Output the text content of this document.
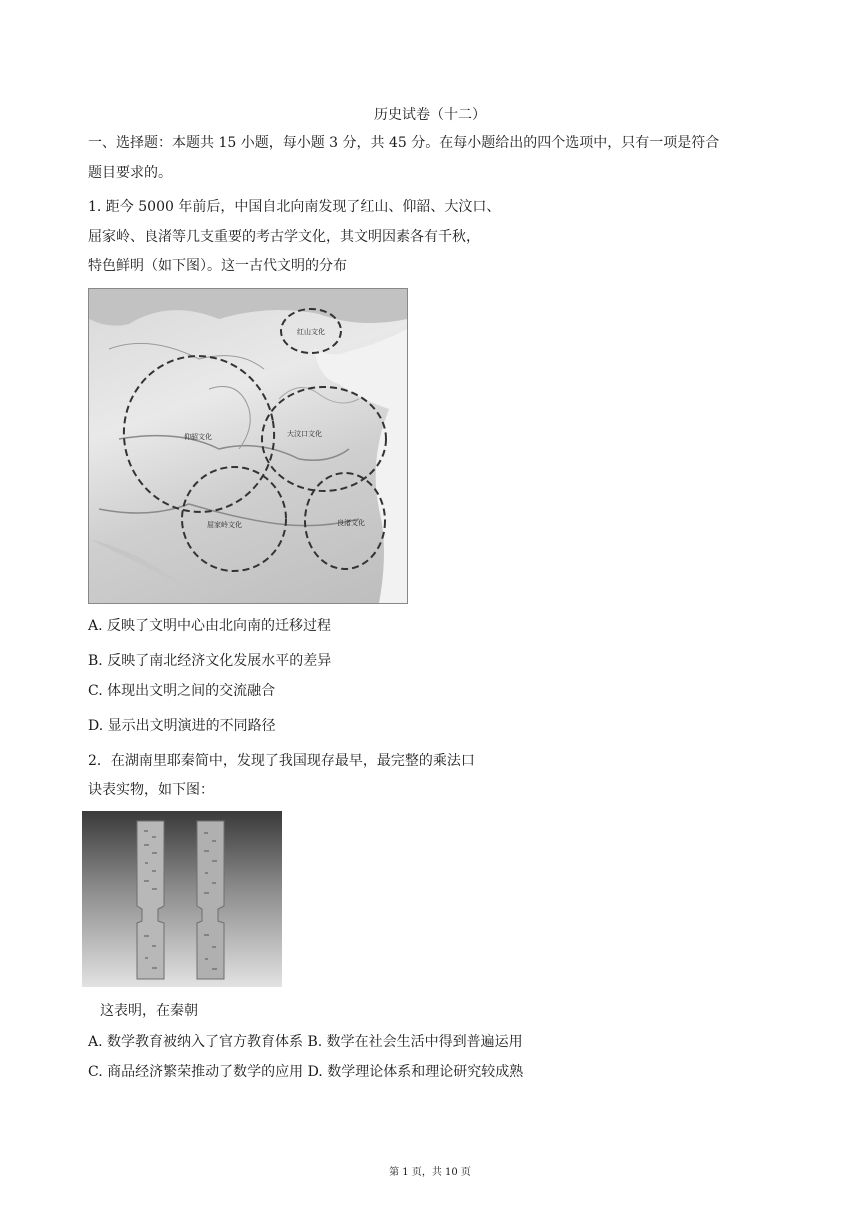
历史试卷（十二）
一、选择题：本题共 15 小题，每小题 3 分，共 45 分。在每小题给出的四个选项中，只有一项是符合
题目要求的。
1. 距今 5000 年前后，中国自北向南发现了红山、仰韶、大汶口、
屈家岭、良渚等几支重要的考古学文化，其文明因素各有千秋，
特色鲜明（如下图）。这一古代文明的分布
红山文化
仰韶文化	大汶口文化
屈家岭文化	良渚文化
A. 反映了文明中心由北向南的迁移过程
B. 反映了南北经济文化发展水平的差异
C. 体现出文明之间的交流融合
D. 显示出文明演进的不同路径
2．在湖南里耶秦简中，发现了我国现存最早，最完整的乘法口
诀表实物，如下图：
这表明，在秦朝
A. 数学教育被纳入了官方教育体系 B. 数学在社会生活中得到普遍运用
C. 商品经济繁荣推动了数学的应用 D. 数学理论体系和理论研究较成熟
第 1 页，共 10 页
